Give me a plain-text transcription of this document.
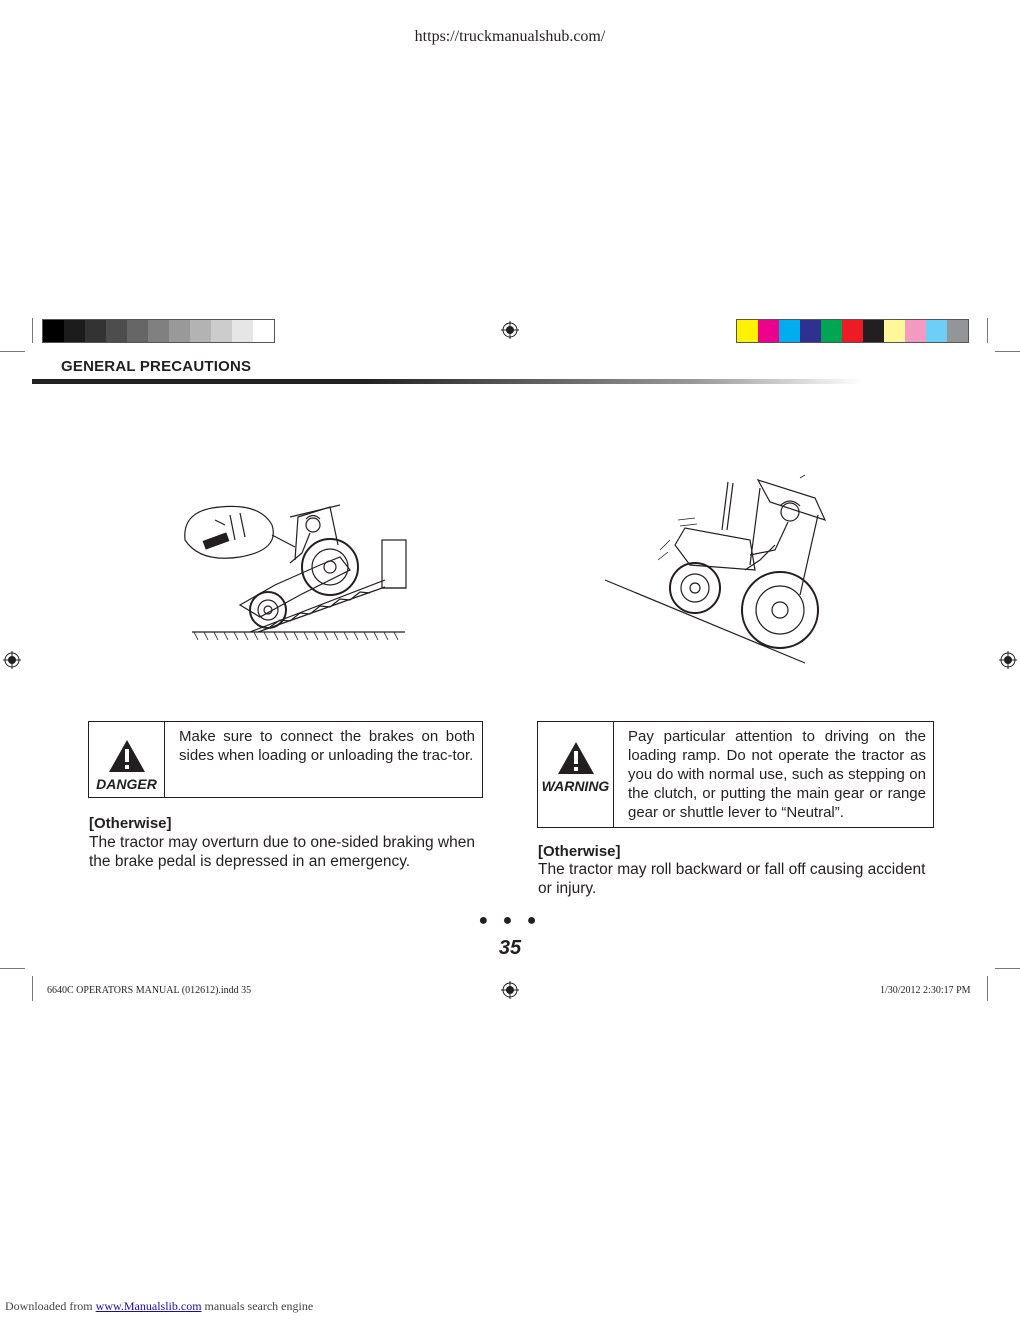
https://truckmanualshub.com/
GENERAL PRECAUTIONS
DANGER
Make sure to connect the brakes on both sides when loading or unloading the trac-tor.
[Otherwise]
The tractor may overturn due to one-sided braking when the brake pedal is depressed in an emergency.
WARNING
Pay particular attention to driving on the loading ramp. Do not operate the tractor as you do with normal use, such as stepping on the clutch, or putting the main gear or range gear or shuttle lever to “Neutral”.
[Otherwise]
The tractor may roll backward or fall off causing accident or injury.
● ● ●
35
6640C OPERATORS MANUAL (012612).indd 35	1/30/2012 2:30:17 PM
Downloaded from www.Manualslib.com manuals search engine
